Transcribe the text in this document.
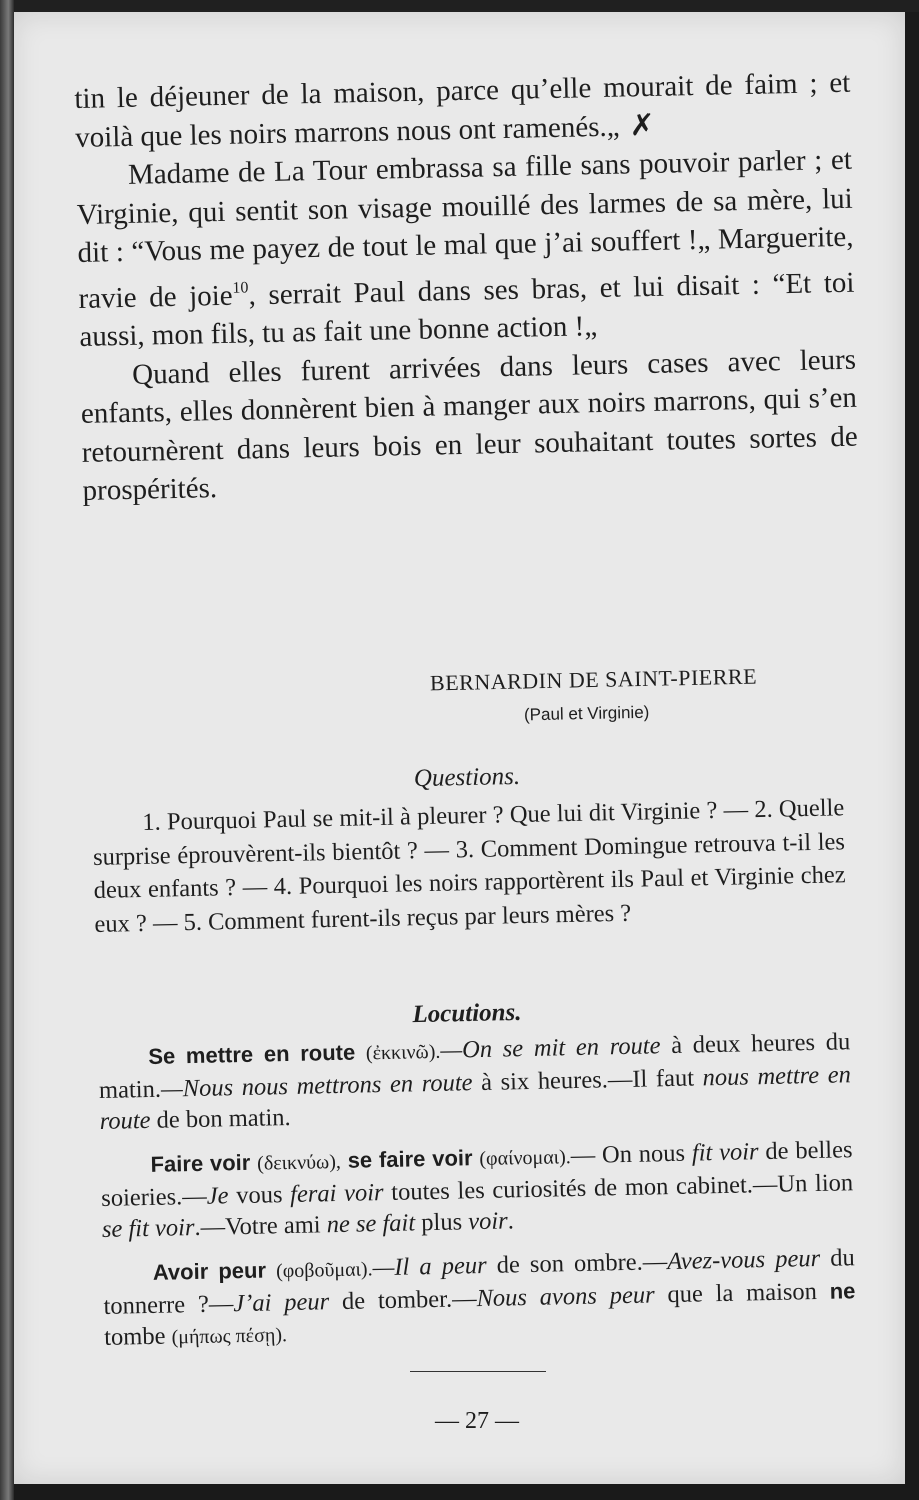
tin le déjeuner de la maison, parce qu’elle mourait de faim ; et voilà que les noirs marrons nous ont ramenés.„ ✗

Madame de La Tour embrassa sa fille sans pouvoir parler ; et Virginie, qui sentit son visage mouillé des larmes de sa mère, lui dit : “Vous me payez de tout le mal que j’ai souffert !„ Marguerite, ravie de joie$^{10}$, serrait Paul dans ses bras, et lui disait : “Et toi aussi, mon fils, tu as fait une bonne action !„

Quand elles furent arrivées dans leurs cases avec leurs enfants, elles donnèrent bien à manger aux noirs marrons, qui s’en retournèrent dans leurs bois en leur souhaitant toutes sortes de prospérités.

BERNARDIN DE SAINT-PIERRE
(Paul et Virginie)
Questions.

1. Pourquoi Paul se mit-il à pleurer ? Que lui dit Virginie ? — 2. Quelle surprise éprouvèrent-ils bientôt ? — 3. Comment Domingue retrouva t-il les deux enfants ? — 4. Pourquoi les noirs rapportèrent ils Paul et Virginie chez eux ? — 5. Comment furent-ils reçus par leurs mères ?

Locutions.

Se mettre en route (ἐκκινῶ).—On se mit en route à deux heures du matin.—Nous nous mettrons en route à six heures.—Il faut nous mettre en route de bon matin.

Faire voir (δεικνύω), se faire voir (φαίνομαι).— On nous fit voir de belles soieries.—Je vous ferai voir toutes les curiosités de mon cabinet.—Un lion se fit voir.—Votre ami ne se fait plus voir.

Avoir peur (φοβοῦμαι).—Il a peur de son ombre.—Avez-vous peur du tonnerre ?—J’ai peur de tomber.—Nous avons peur que la maison ne tombe (μήπως πέσῃ).

— 27 —
